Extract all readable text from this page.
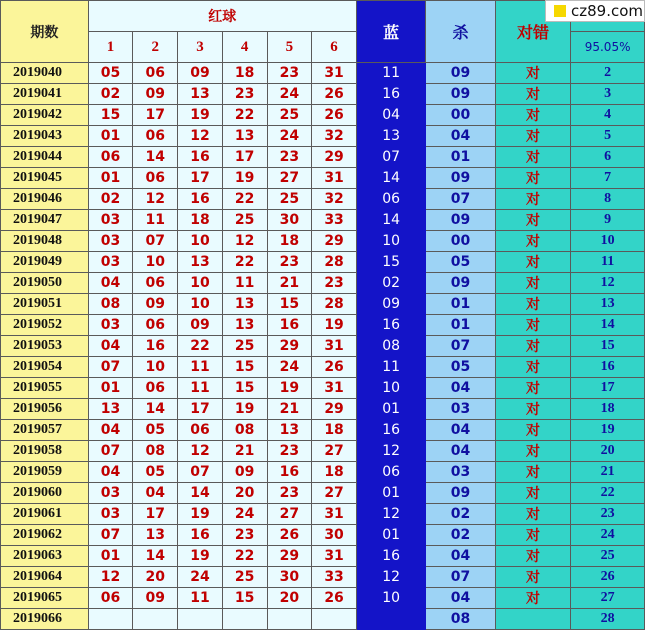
期数	红球						蓝	杀	对错	
	1	2	3	4	5	6				95.05%
2019040	05	06	09	18	23	31	11	09	对	2
2019041	02	09	13	23	24	26	16	09	对	3
2019042	15	17	19	22	25	26	04	00	对	4
2019043	01	06	12	13	24	32	13	04	对	5
2019044	06	14	16	17	23	29	07	01	对	6
2019045	01	06	17	19	27	31	14	09	对	7
2019046	02	12	16	22	25	32	06	07	对	8
2019047	03	11	18	25	30	33	14	09	对	9
2019048	03	07	10	12	18	29	10	00	对	10
2019049	03	10	13	22	23	28	15	05	对	11
2019050	04	06	10	11	21	23	02	09	对	12
2019051	08	09	10	13	15	28	09	01	对	13
2019052	03	06	09	13	16	19	16	01	对	14
2019053	04	16	22	25	29	31	08	07	对	15
2019054	07	10	11	15	24	26	11	05	对	16
2019055	01	06	11	15	19	31	10	04	对	17
2019056	13	14	17	19	21	29	01	03	对	18
2019057	04	05	06	08	13	18	16	04	对	19
2019058	07	08	12	21	23	27	12	04	对	20
2019059	04	05	07	09	16	18	06	03	对	21
2019060	03	04	14	20	23	27	01	09	对	22
2019061	03	17	19	24	27	31	12	02	对	23
2019062	07	13	16	23	26	30	01	02	对	24
2019063	01	14	19	22	29	31	16	04	对	25
2019064	12	20	24	25	30	33	12	07	对	26
2019065	06	09	11	15	20	26	10	04	对	27
2019066								08		28
cz89.com
